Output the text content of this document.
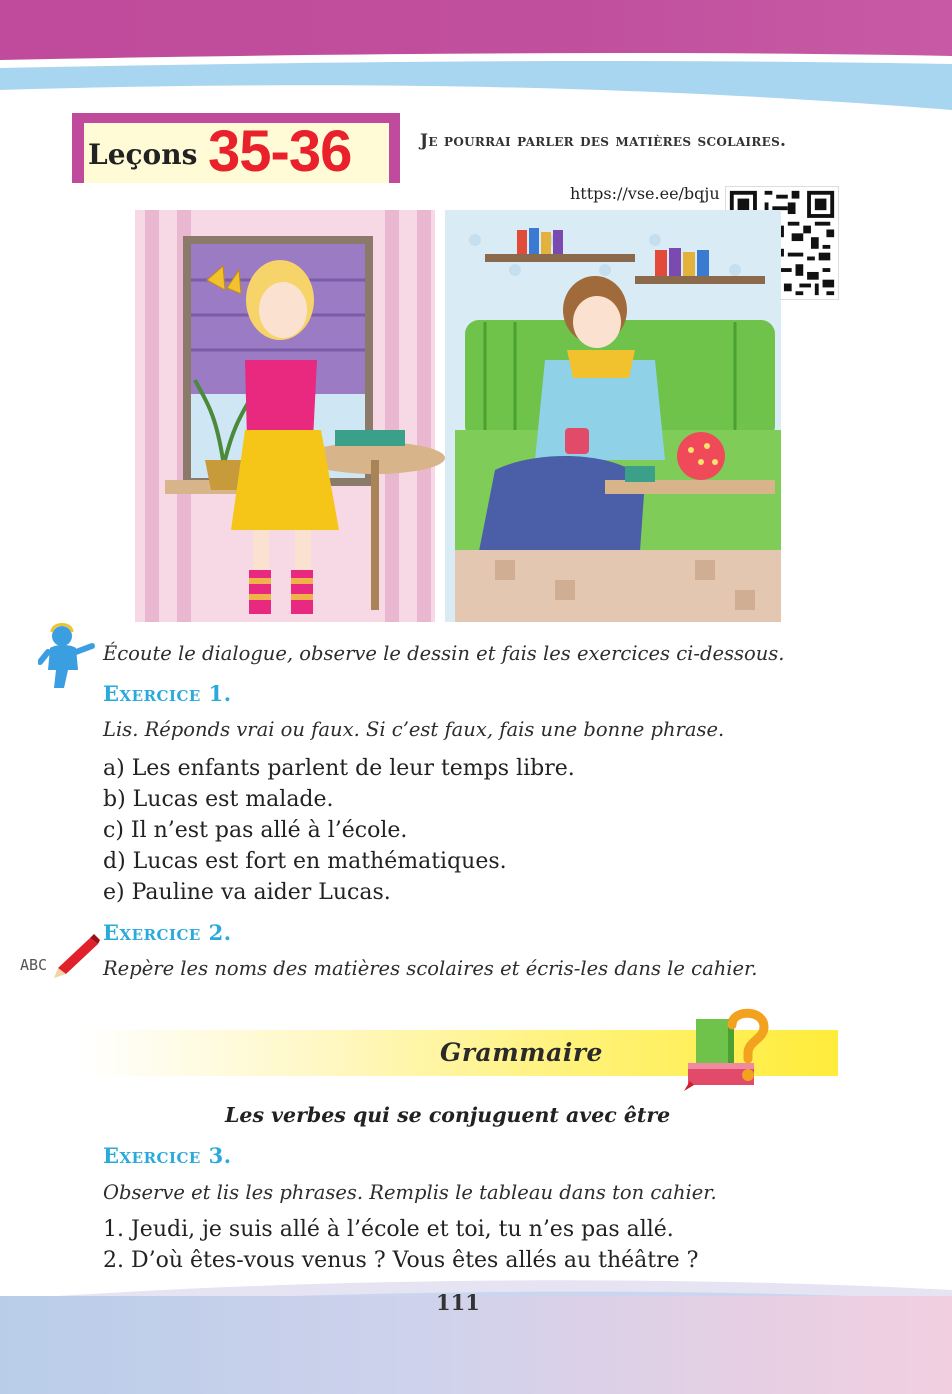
Leçons 35-36	Je pourrai parler des matières scolaires.
https://vse.ee/bqju
Écoute le dialogue, observe le dessin et fais les exercices ci-dessous.
Exercice 1.
Lis. Réponds vrai ou faux. Si c’est faux, fais une bonne phrase.
a) Les enfants parlent de leur temps libre.
b) Lucas est malade.
c) Il n’est pas allé à l’école.
d) Lucas est fort en mathématiques.
e) Pauline va aider Lucas.
ABC
Exercice 2.
Repère les noms des matières scolaires et écris-les dans le cahier.
Grammaire
Les verbes qui se conjuguent avec être
Exercice 3.
Observe et lis les phrases. Remplis le tableau dans ton cahier.
1. Jeudi, je suis allé à l’école et toi, tu n’es pas allé.
2. D’où êtes-vous venus ? Vous êtes allés au théâtre ?
111
